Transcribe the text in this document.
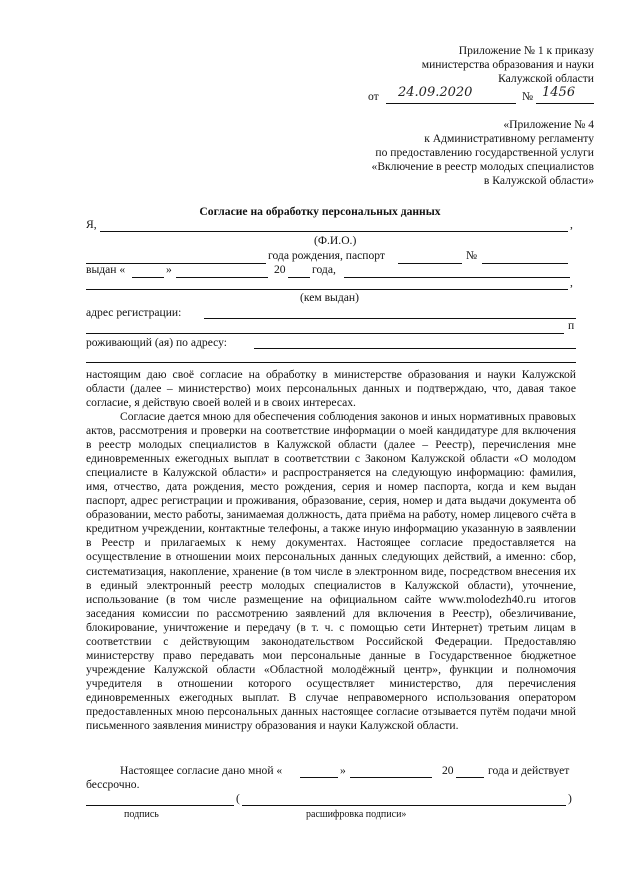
Приложение № 1 к приказу
министерства образования и науки
Калужской области
от 24.09.2020	№ 1456
«Приложение № 4
к Административному регламенту
по предоставлению государственной услуги
«Включение в реестр молодых специалистов
в Калужской области»
Согласие на обработку персональных данных
Я,	,
(Ф.И.О.)
года рождения, паспорт	№
выдан «	»	20 года,
,
(кем выдан)
адрес регистрации:
п
роживающий (ая) по адресу:
настоящим даю своё согласие на обработку в министерстве образования и науки Калужской области (далее – министерство) моих персональных данных и подтверждаю, что, давая такое согласие, я действую своей волей и в своих интересах.
Согласие дается мною для обеспечения соблюдения законов и иных нормативных правовых актов, рассмотрения и проверки на соответствие информации о моей кандидатуре для включения в реестр молодых специалистов в Калужской области (далее – Реестр), перечисления мне единовременных ежегодных выплат в соответствии с Законом Калужской области «О молодом специалисте в Калужской области» и распространяется на следующую информацию: фамилия, имя, отчество, дата рождения, место рождения, серия и номер паспорта, когда и кем выдан паспорт, адрес регистрации и проживания, образование, серия, номер и дата выдачи документа об образовании, место работы, занимаемая должность, дата приёма на работу, номер лицевого счёта в кредитном учреждении, контактные телефоны, а также иную информацию указанную в заявлении в Реестр и прилагаемых к нему документах. Настоящее согласие предоставляется на осуществление в отношении моих персональных данных следующих действий, а именно: сбор, систематизация, накопление, хранение (в том числе в электронном виде, посредством внесения их в единый электронный реестр молодых специалистов в Калужской области), уточнение, использование (в том числе размещение на официальном сайте www.molodezh40.ru итогов заседания комиссии по рассмотрению заявлений для включения в Реестр), обезличивание, блокирование, уничтожение и передачу (в т. ч. с помощью сети Интернет) третьим лицам в соответствии с действующим законодательством Российской Федерации. Предоставляю министерству право передавать мои персональные данные в Государственное бюджетное учреждение Калужской области «Областной молодёжный центр», функции и полномочия учредителя в отношении которого осуществляет министерство, для перечисления единовременных ежегодных выплат. В случае неправомерного использования оператором предоставленных мною персональных данных настоящее согласие отзывается путём подачи мной письменного заявления министру образования и науки Калужской области.
Настоящее согласие дано мной «	»	20	года и действует
бессрочно.
(	)
подпись	расшифровка подписи»
